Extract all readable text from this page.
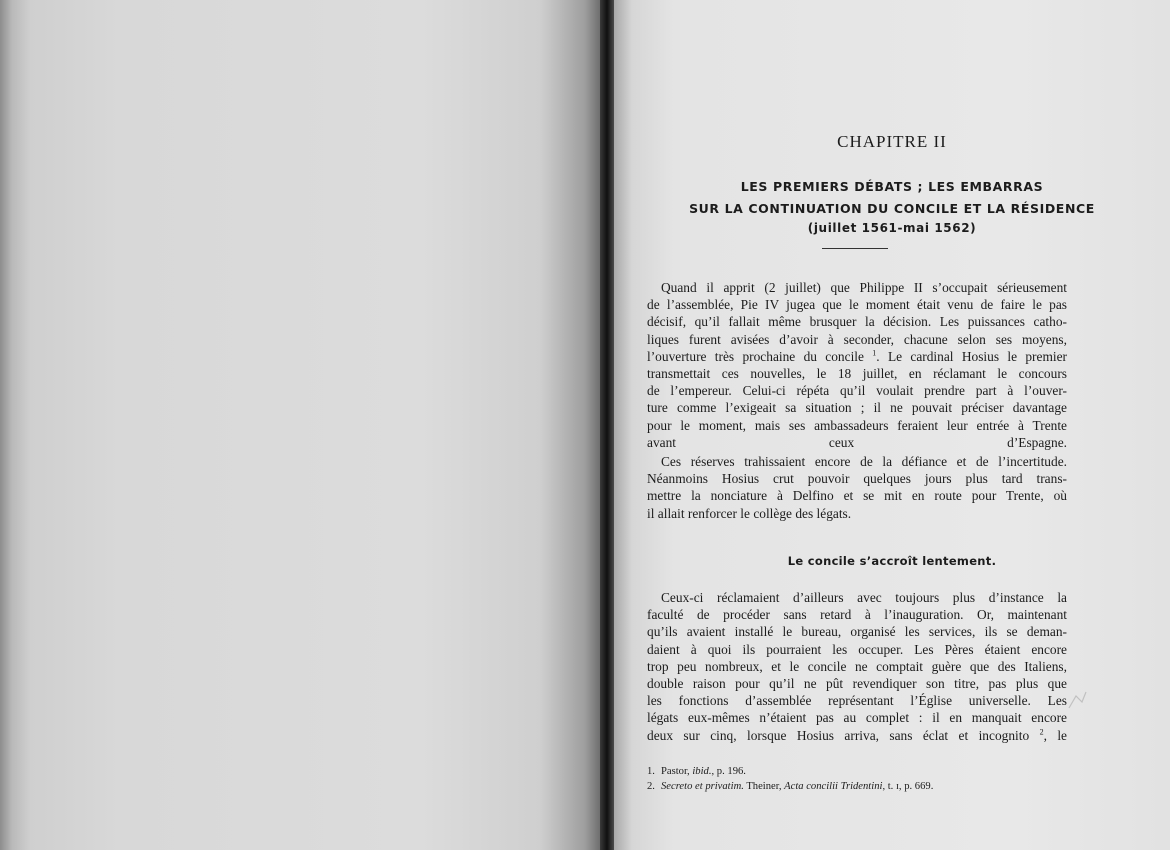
CHAPITRE II
LES PREMIERS DÉBATS ; LES EMBARRAS
SUR LA CONTINUATION DU CONCILE ET LA RÉSIDENCE
(juillet 1561-mai 1562)
Quand il apprit (2 juillet) que Philippe II s’occupait sérieusement
de l’assemblée, Pie IV jugea que le moment était venu de faire le pas
décisif, qu’il fallait même brusquer la décision. Les puissances catho-
liques furent avisées d’avoir à seconder, chacune selon ses moyens,
l’ouverture très prochaine du concile $^1$. Le cardinal Hosius le premier
transmettait ces nouvelles, le 18 juillet, en réclamant le concours
de l’empereur. Celui-ci répéta qu’il voulait prendre part à l’ouver-
ture comme l’exigeait sa situation ; il ne pouvait préciser davantage
pour le moment, mais ses ambassadeurs feraient leur entrée à Trente
avant ceux d’Espagne.
Ces réserves trahissaient encore de la défiance et de l’incertitude.
Néanmoins Hosius crut pouvoir quelques jours plus tard trans-
mettre la nonciature à Delfino et se mit en route pour Trente, où
il allait renforcer le collège des légats.
Le concile s’accroît lentement.
Ceux-ci réclamaient d’ailleurs avec toujours plus d’instance la
faculté de procéder sans retard à l’inauguration. Or, maintenant
qu’ils avaient installé le bureau, organisé les services, ils se deman-
daient à quoi ils pourraient les occuper. Les Pères étaient encore
trop peu nombreux, et le concile ne comptait guère que des Italiens,
double raison pour qu’il ne pût revendiquer son titre, pas plus que
les fonctions d’assemblée représentant l’Église universelle. Les
légats eux-mêmes n’étaient pas au complet : il en manquait encore
deux sur cinq, lorsque Hosius arriva, sans éclat et incognito $^2$, le
1. Pastor, ibid., p. 196.
2. Secreto et privatim. Theiner, Acta concilii Tridentini, t. ɪ, p. 669.
